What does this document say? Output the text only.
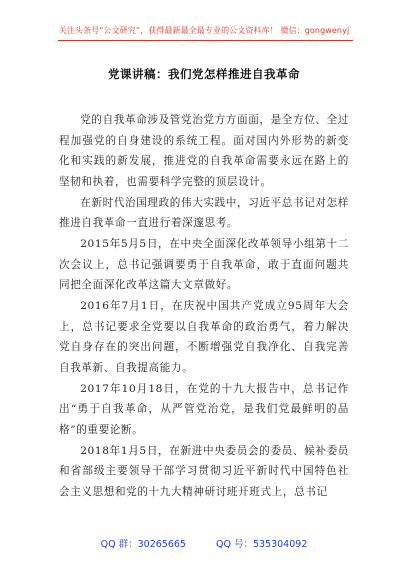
关注头条号“公文研究”，获得最新最全最专业的公文资料库！ 微信：gongwenyj
党课讲稿：我们党怎样推进自我革命

党的自我革命涉及管党治党方方面面，是全方位、全过程加强党的自身建设的系统工程。面对国内外形势的新变化和实践的新发展，推进党的自我革命需要永远在路上的坚韧和执着，也需要科学完整的顶层设计。

在新时代治国理政的伟大实践中，习近平总书记对怎样推进自我革命一直进行着深邃思考。

2015年5月5日，在中央全面深化改革领导小组第十二次会议上，总书记强调要勇于自我革命，敢于直面问题共同把全面深化改革这篇大文章做好。

2016年7月1日，在庆祝中国共产党成立95周年大会上，总书记要求全党要以自我革命的政治勇气，着力解决党自身存在的突出问题，不断增强党自我净化、自我完善自我革新、自我提高能力。

2017年10月18日，在党的十九大报告中，总书记作出“勇于自我革命，从严管党治党，是我们党最鲜明的品格”的重要论断。

2018年1月5日，在新进中央委员会的委员、候补委员和省部级主要领导干部学习贯彻习近平新时代中国特色社会主义思想和党的十九大精神研讨班开班式上，总书记

QQ 群：30265665	QQ 号：535304092
